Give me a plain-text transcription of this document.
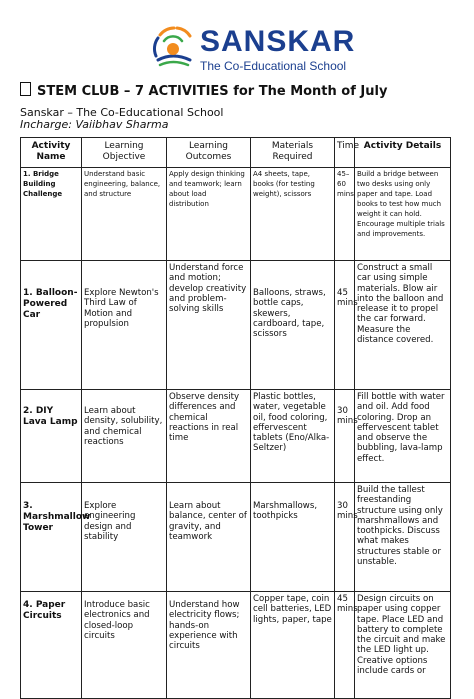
SANSKAR
The Co-Educational School
STEM CLUB – 7 ACTIVITIES for The Month of July
Sanskar – The Co-Educational School
Incharge: Vaiibhav Sharma
Activity Name	Learning Objective	Learning Outcomes	Materials Required	Time	Activity Details
1. Bridge Building Challenge	Understand basic engineering, balance, and structure	Apply design thinking and teamwork; learn about load distribution	A4 sheets, tape, books (for testing weight), scissors	45–60 mins	Build a bridge between two desks using only paper and tape. Load books to test how much weight it can hold. Encourage multiple trials and improvements.
1. Balloon-Powered Car	Explore Newton's Third Law of Motion and propulsion	Understand force and motion; develop creativity and problem-solving skills	Balloons, straws, bottle caps, skewers, cardboard, tape, scissors	45 mins	Construct a small car using simple materials. Blow air into the balloon and release it to propel the car forward. Measure the distance covered.
2. DIY Lava Lamp	Learn about density, solubility, and chemical reactions	Observe density differences and chemical reactions in real time	Plastic bottles, water, vegetable oil, food coloring, effervescent tablets (Eno/Alka-Seltzer)	30 mins	Fill bottle with water and oil. Add food coloring. Drop an effervescent tablet and observe the bubbling, lava-lamp effect.
3. Marshmallow Tower	Explore engineering design and stability	Learn about balance, center of gravity, and teamwork	Marshmallows, toothpicks	30 mins	Build the tallest freestanding structure using only marshmallows and toothpicks. Discuss what makes structures stable or unstable.
4. Paper Circuits	Introduce basic electronics and closed-loop circuits	Understand how electricity flows; hands-on experience with circuits	Copper tape, coin cell batteries, LED lights, paper, tape	45 mins	Design circuits on paper using copper tape. Place LED and battery to complete the circuit and make the LED light up. Creative options include cards or
